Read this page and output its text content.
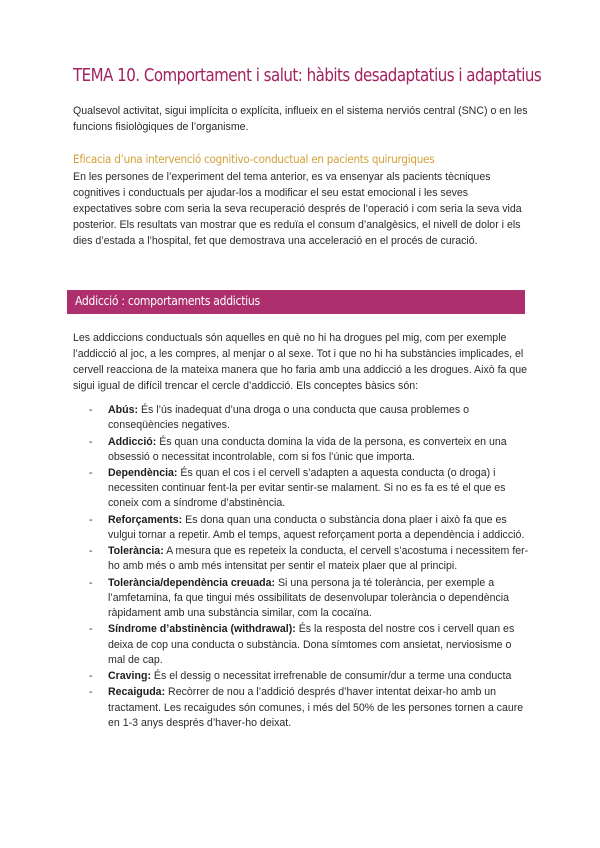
TEMA 10. Comportament i salut: hàbits desadaptatius i adaptatius

Qualsevol activitat, sigui implícita o explícita, influeix en el sistema nerviós central (SNC) o en les funcions fisiològiques de l’organisme.

Eficacia d’una intervenció cognitivo-conductual en pacients quirurgiques

En les persones de l’experiment del tema anterior, es va ensenyar als pacients tècniques cognitives i conductuals per ajudar-los a modificar el seu estat emocional i les seves expectatives sobre com seria la seva recuperació després de l’operació i com seria la seva vida posterior. Els resultats van mostrar que es reduïa el consum d’analgèsics, el nivell de dolor i els dies d’estada a l’hospital, fet que demostrava una acceleració en el procés de curació.

Addicció : comportaments addictius

Les addiccions conductuals són aquelles en què no hi ha drogues pel mig, com per exemple l’addicció al joc, a les compres, al menjar o al sexe. Tot i que no hi ha substàncies implicades, el cervell reacciona de la mateixa manera que ho faria amb una addicció a les drogues. Això fa que sigui igual de difícil trencar el cercle d’addicció. Els conceptes bàsics són:

- Abús: És l’ús inadequat d’una droga o una conducta que causa problemes o conseqüències negatives.
- Addicció: És quan una conducta domina la vida de la persona, es converteix en una obsessió o necessitat incontrolable, com si fos l’únic que importa.
- Dependència: És quan el cos i el cervell s’adapten a aquesta conducta (o droga) i necessiten continuar fent-la per evitar sentir-se malament. Si no es fa es té el que es coneix com a síndrome d’abstinència.
- Reforçaments: Es dona quan una conducta o substància dona plaer i això fa que es vulgui tornar a repetir. Amb el temps, aquest reforçament porta a dependència i addicció.
- Tolerància: A mesura que es repeteix la conducta, el cervell s’acostuma i necessitem fer-ho amb més o amb més intensitat per sentir el mateix plaer que al principi.
- Tolerància/dependència creuada: Si una persona ja té tolerància, per exemple a l’amfetamina, fa que tingui més ossibilitats de desenvolupar tolerància o dependència ràpidament amb una substància similar, com la cocaïna.
- Síndrome d’abstinència (withdrawal): És la resposta del nostre cos i cervell quan es deixa de cop una conducta o substància. Dona símtomes com ansietat, nerviosisme o mal de cap.
- Craving: És el dessig o necessitat irrefrenable de consumir/dur a terme una conducta
- Recaiguda: Recòrrer de nou a l’addició després d’haver intentat deixar-ho amb un tractament. Les recaigudes són comunes, i més del 50% de les persones tornen a caure en 1-3 anys després d’haver-ho deixat.
